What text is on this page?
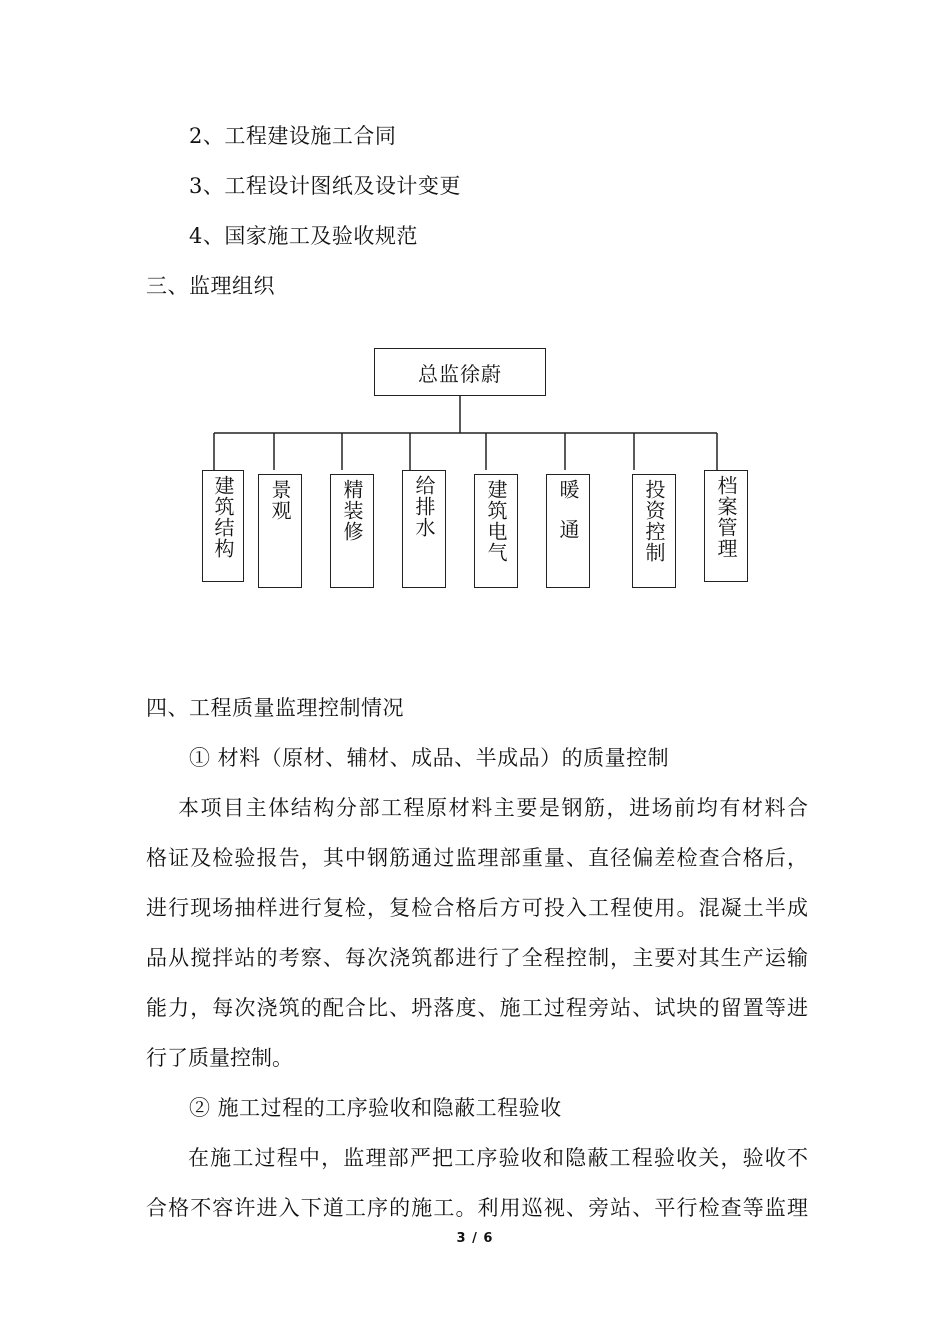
2、工程建设施工合同
3、工程设计图纸及设计变更
4、国家施工及验收规范
三、监理组织
总监徐蔚
建筑结构 景观 精装修 给排水 建筑电气 暖通	投资控制 档案管理
四、工程质量监理控制情况
① 材料（原材、辅材、成品、半成品）的质量控制
本项目主体结构分部工程原材料主要是钢筋，进场前均有材料合
格证及检验报告，其中钢筋通过监理部重量、直径偏差检查合格后，
进行现场抽样进行复检，复检合格后方可投入工程使用。混凝土半成
品从搅拌站的考察、每次浇筑都进行了全程控制，主要对其生产运输
能力，每次浇筑的配合比、坍落度、施工过程旁站、试块的留置等进
行了质量控制。
② 施工过程的工序验收和隐蔽工程验收
在施工过程中，监理部严把工序验收和隐蔽工程验收关，验收不
合格不容许进入下道工序的施工。利用巡视、旁站、平行检查等监理
3 / 6
